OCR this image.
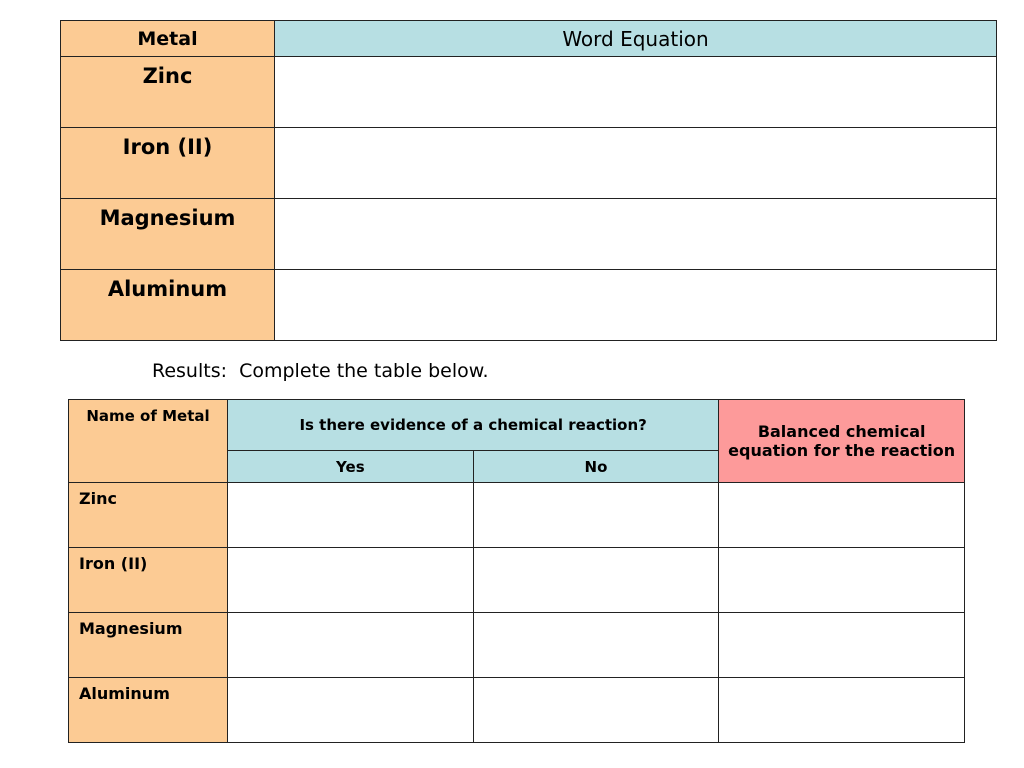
Metal	Word Equation
Zinc	
Iron (II)	
Magnesium	
Aluminum	
Results:  Complete the table below.
Name of Metal	Is there evidence of a chemical reaction?		Balanced chemical equation for the reaction
	Yes	No	
Zinc			
Iron (II)			
Magnesium			
Aluminum			
